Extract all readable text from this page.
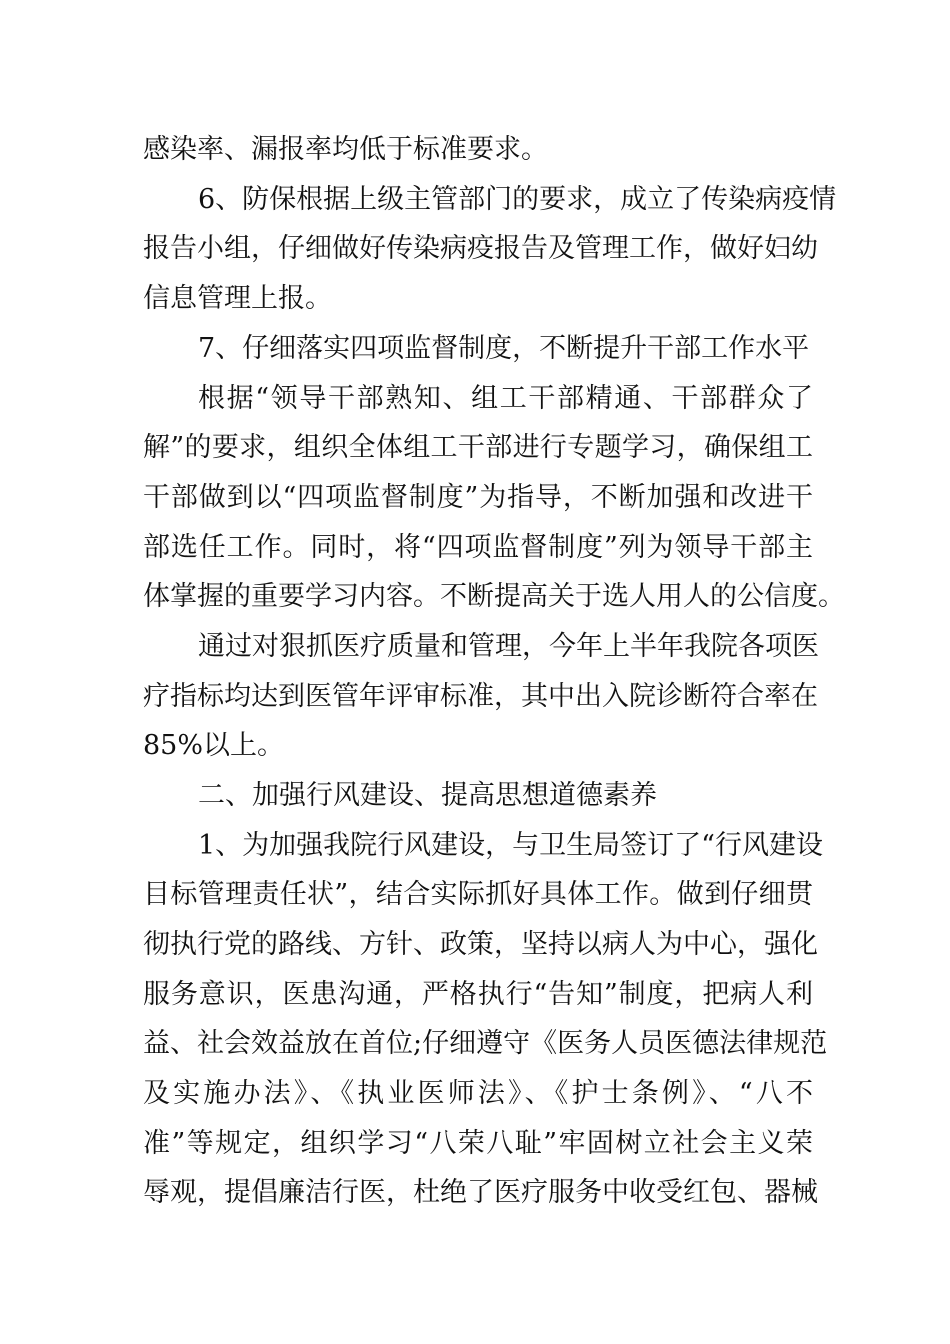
感染率、漏报率均低于标准要求。
6、防保根据上级主管部门的要求，成立了传染病疫情
报告小组，仔细做好传染病疫报告及管理工作，做好妇幼
信息管理上报。
7、仔细落实四项监督制度，不断提升干部工作水平
根据“领导干部熟知、组工干部精通、干部群众了
解”的要求，组织全体组工干部进行专题学习，确保组工
干部做到以“四项监督制度”为指导，不断加强和改进干
部选任工作。同时，将“四项监督制度”列为领导干部主
体掌握的重要学习内容。不断提高关于选人用人的公信度。
通过对狠抓医疗质量和管理，今年上半年我院各项医
疗指标均达到医管年评审标准，其中出入院诊断符合率在
85%以上。
二、加强行风建设、提高思想道德素养
1、为加强我院行风建设，与卫生局签订了“行风建设
目标管理责任状”，结合实际抓好具体工作。做到仔细贯
彻执行党的路线、方针、政策，坚持以病人为中心，强化
服务意识，医患沟通，严格执行“告知”制度，把病人利
益、社会效益放在首位;仔细遵守《医务人员医德法律规范
及实施办法》、《执业医师法》、《护士条例》、“八不
准”等规定，组织学习“八荣八耻”牢固树立社会主义荣
辱观，提倡廉洁行医，杜绝了医疗服务中收受红包、器械
